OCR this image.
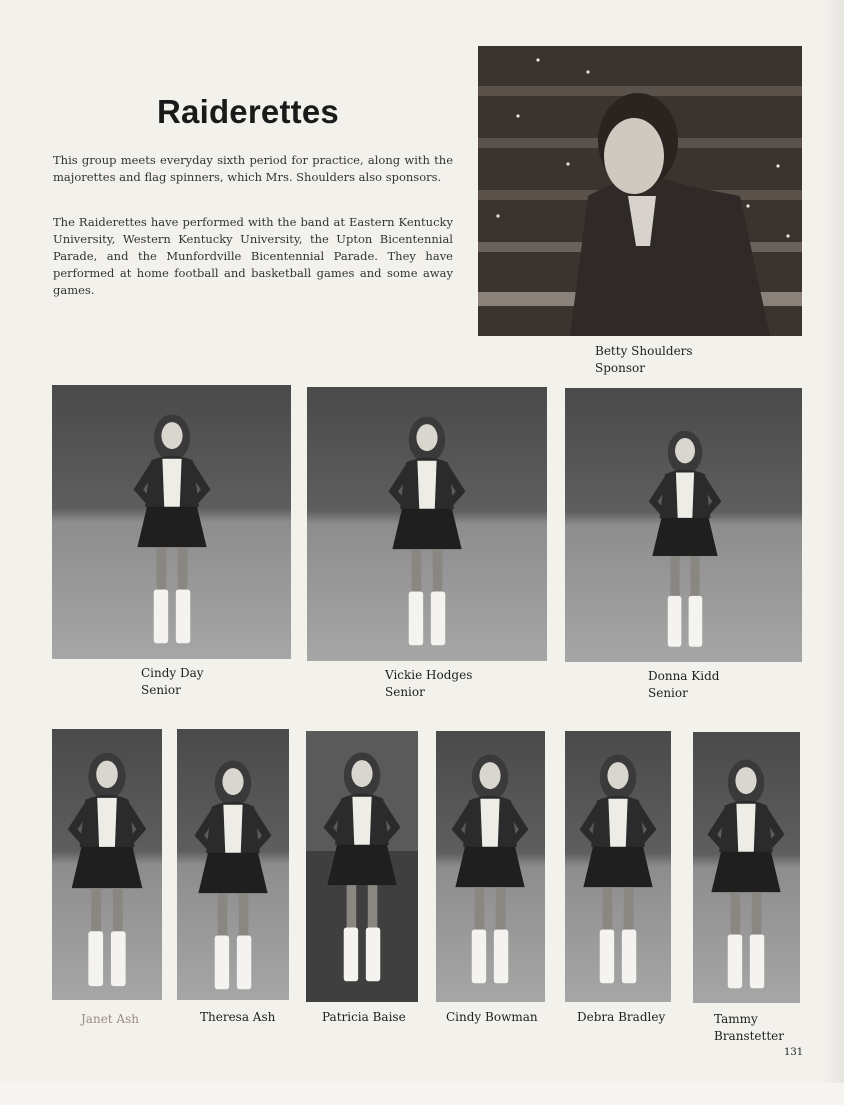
Raiderettes

This group meets everyday sixth period for practice, along with the majorettes and flag spinners, which Mrs. Shoulders also sponsors.

The Raiderettes have performed with the band at Eastern Kentucky University, Western Kentucky University, the Upton Bicentennial Parade, and the Munfordville Bicentennial Parade. They have performed at home football and basketball games and some away games.

Betty Shoulders
Sponsor
Cindy Day
Senior
Vickie Hodges
Senior
Donna Kidd
Senior
Janet Ash	Theresa Ash	Patricia Baise	Cindy Bowman	Debra Bradley	Tammy
Branstetter
131
